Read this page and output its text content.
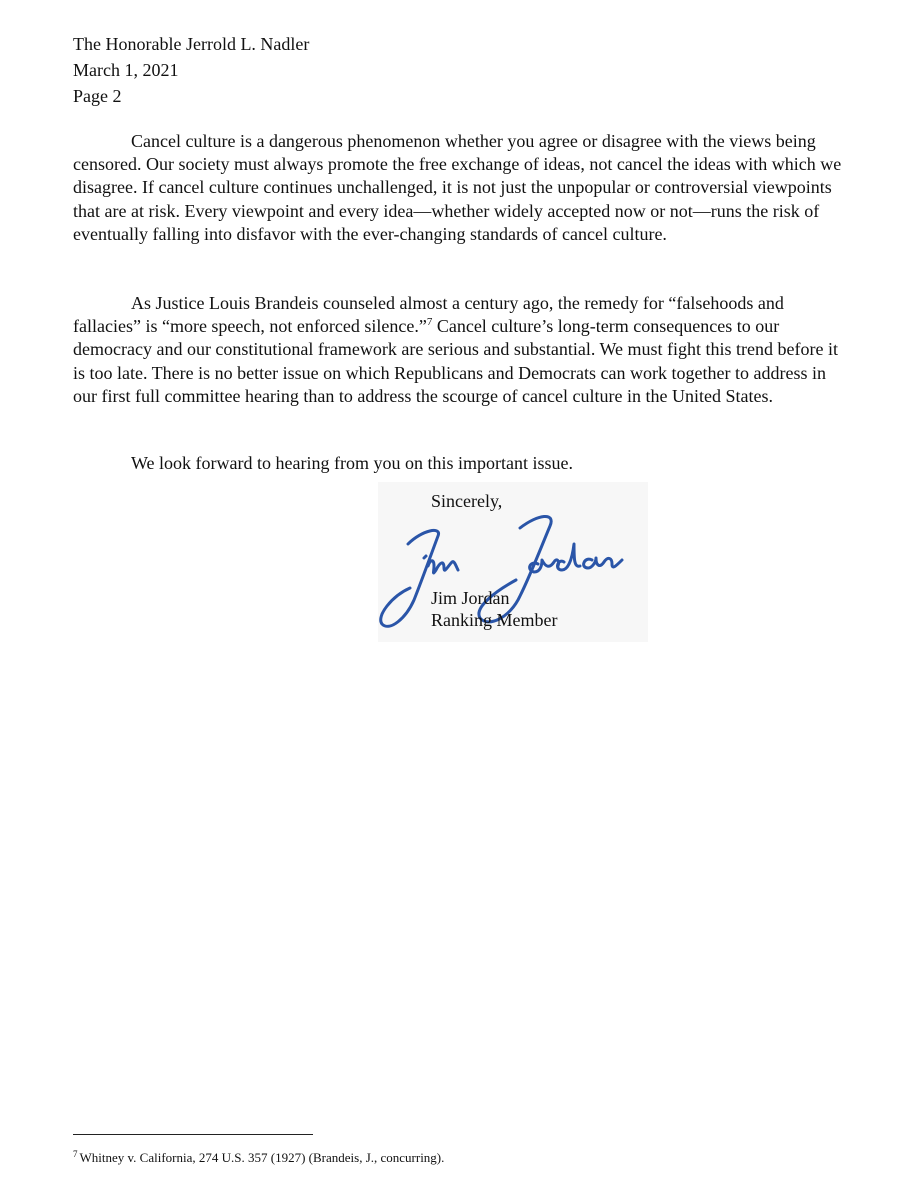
The Honorable Jerrold L. Nadler
March 1, 2021
Page 2

Cancel culture is a dangerous phenomenon whether you agree or disagree with the views being censored. Our society must always promote the free exchange of ideas, not cancel the ideas with which we disagree. If cancel culture continues unchallenged, it is not just the unpopular or controversial viewpoints that are at risk. Every viewpoint and every idea—whether widely accepted now or not—runs the risk of eventually falling into disfavor with the ever-changing standards of cancel culture.

As Justice Louis Brandeis counseled almost a century ago, the remedy for “falsehoods and fallacies” is “more speech, not enforced silence.”$^7$ Cancel culture’s long-term consequences to our democracy and our constitutional framework are serious and substantial. We must fight this trend before it is too late. There is no better issue on which Republicans and Democrats can work together to address in our first full committee hearing than to address the scourge of cancel culture in the United States.

We look forward to hearing from you on this important issue.

Sincerely,
Jim Jordan
Ranking Member
$^7$ Whitney v. California, 274 U.S. 357 (1927) (Brandeis, J., concurring).
